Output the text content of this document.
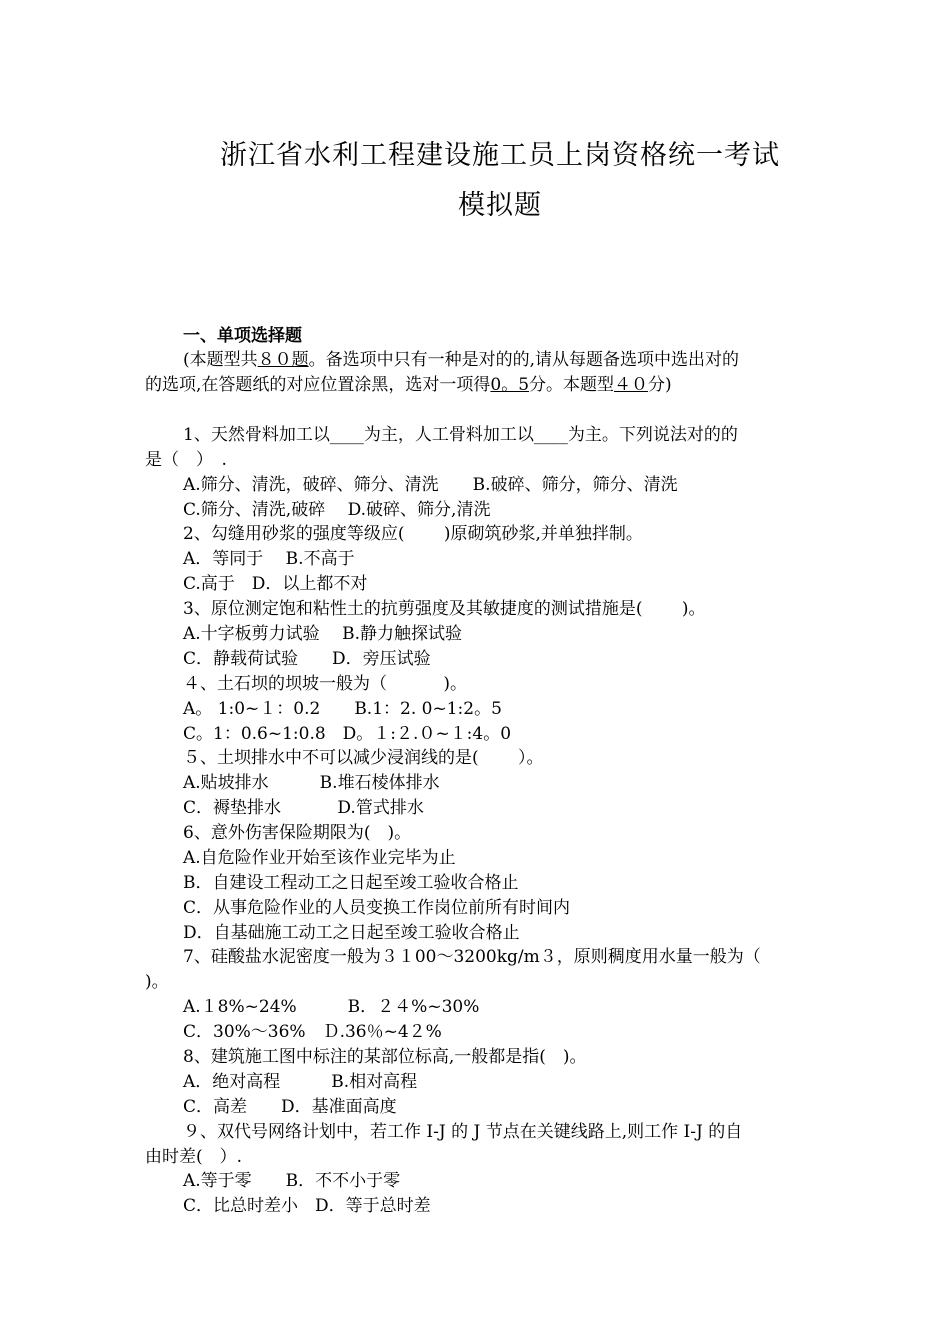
浙江省水利工程建设施工员上岗资格统一考试
模拟题
一、单项选择题
(本题型共８０题。备选项中只有一种是对的的,请从每题备选项中选出对的
的选项,在答题纸的对应位置涂黑，选对一项得0。5分。本题型４０分)
1、天然骨料加工以____为主，人工骨料加工以____为主。下列说法对的的
是（　）　.
A.筛分、清洗，破碎、筛分、清洗　　B.破碎、筛分，筛分、清洗
C.筛分、清洗,破碎　 D.破碎、筛分,清洗
2、勾缝用砂浆的强度等级应(　　 )原砌筑砂浆,并单独拌制。
A．等同于　 B.不高于
C.高于　D．以上都不对
3、原位测定饱和粘性土的抗剪强度及其敏捷度的测试措施是(　　 )。
A.十字板剪力试验　 B.静力触探试验
C．静载荷试验　　D．旁压试验
４、土石坝的坝坡一般为（　　　 )。
A。 1:0~１：0.2　　B.1：2. 0~1:2。5
C。1：0.6~1:0.8　D。１:２.０~１:4。0
５、土坝排水中不可以减少浸润线的是(　　 ）。
A.贴坡排水　　　B.堆石棱体排水
C．褥垫排水　　　 D.管式排水
6、意外伤害保险期限为(　)。
A.自危险作业开始至该作业完毕为止
B．自建设工程动工之日起至竣工验收合格止
C．从事危险作业的人员变换工作岗位前所有时间内
D．自基础施工动工之日起至竣工验收合格止
7、硅酸盐水泥密度一般为３１00～3200kg/m３，原则稠度用水量一般为（
)。
A.１8%~24%　　　B．２４%~30%
C．30%～36%　Ｄ.36％~4２%
8、建筑施工图中标注的某部位标高,一般都是指(　)。
A．绝对高程　　　B.相对高程
C．高差　　D．基准面高度
９、双代号网络计划中，若工作 I-J 的 J 节点在关键线路上,则工作 I-J 的自
由时差(　）.
A.等于零　　B．不不小于零
C．比总时差小　D．等于总时差
